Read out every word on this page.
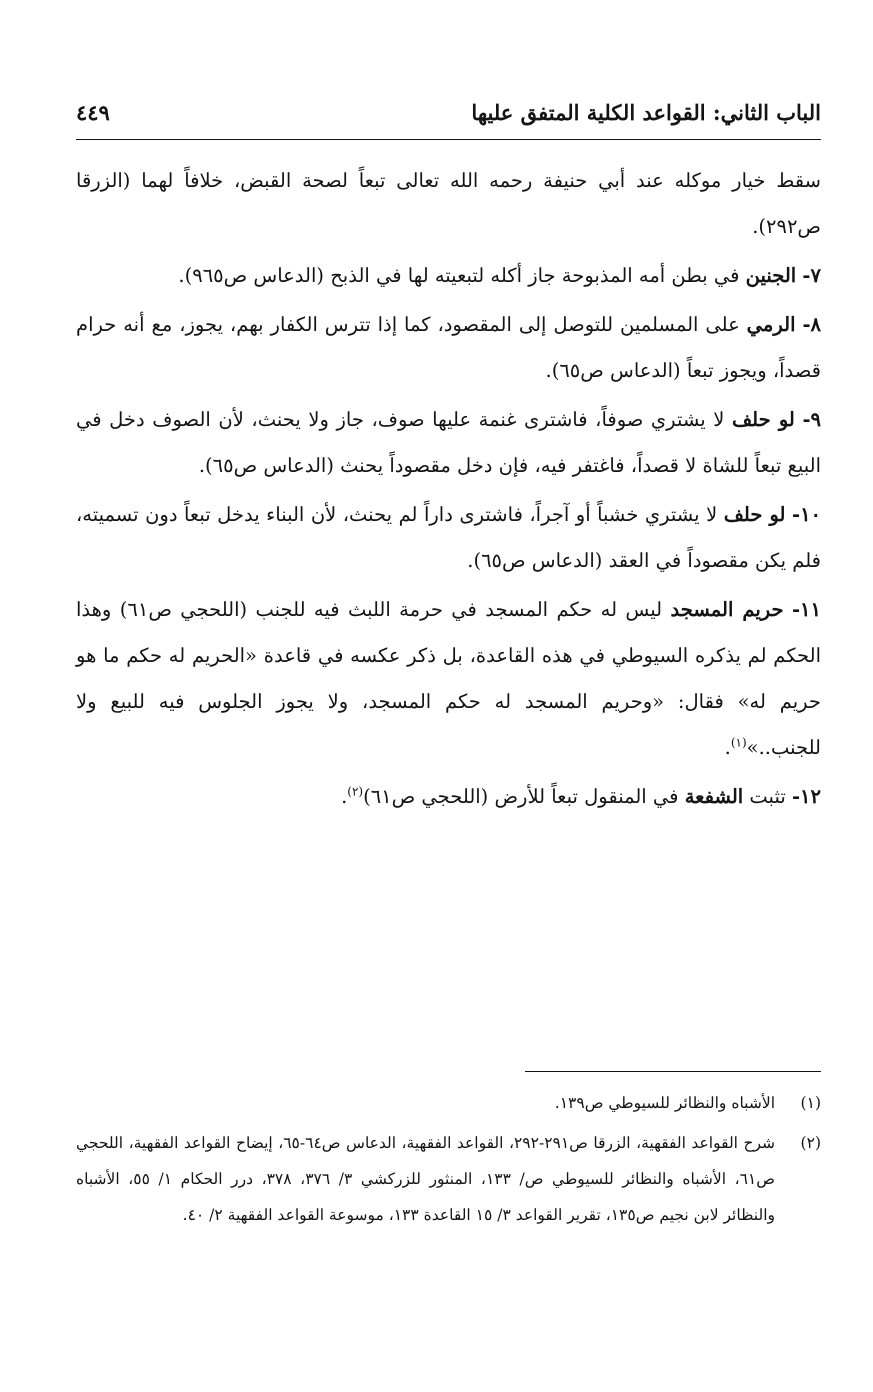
الباب الثاني: القواعد الكلية المتفق عليها
٤٤٩

سقط خيار موكله عند أبي حنيفة رحمه الله تعالى تبعاً لصحة القبض، خلافاً لهما (الزرقا ص٢٩٢).

٧- الجنين في بطن أمه المذبوحة جاز أكله لتبعيته لها في الذبح (الدعاس ص٩٦٥).

٨- الرمي على المسلمين للتوصل إلى المقصود، كما إذا تترس الكفار بهم، يجوز، مع أنه حرام قصداً، ويجوز تبعاً (الدعاس ص٦٥).

٩- لو حلف لا يشتري صوفاً، فاشترى غنمة عليها صوف، جاز ولا يحنث، لأن الصوف دخل في البيع تبعاً للشاة لا قصداً، فاغتفر فيه، فإن دخل مقصوداً يحنث (الدعاس ص٦٥).

١٠- لو حلف لا يشتري خشباً أو آجراً، فاشترى داراً لم يحنث، لأن البناء يدخل تبعاً دون تسميته، فلم يكن مقصوداً في العقد (الدعاس ص٦٥).

١١- حريم المسجد ليس له حكم المسجد في حرمة اللبث فيه للجنب (اللحجي ص٦١) وهذا الحكم لم يذكره السيوطي في هذه القاعدة، بل ذكر عكسه في قاعدة «الحريم له حكم ما هو حريم له» فقال: «وحريم المسجد له حكم المسجد، ولا يجوز الجلوس فيه للبيع ولا للجنب..»$^{(١)}$.

١٢- تثبت الشفعة في المنقول تبعاً للأرض (اللحجي ص٦١)$^{(٢)}$.

(١)
الأشباه والنظائر للسيوطي ص١٣٩.
(٢)
شرح القواعد الفقهية، الزرقا ص٢٩١-٢٩٢، القواعد الفقهية، الدعاس ص٦٤-٦٥، إيضاح القواعد الفقهية، اللحجي ص٦١، الأشباه والنظائر للسيوطي ص/ ١٣٣، المنثور للزركشي ٣/ ٣٧٦، ٣٧٨، درر الحكام ١/ ٥٥، الأشباه والنظائر لابن نجيم ص١٣٥، تقرير القواعد ٣/ ١٥ القاعدة ١٣٣، موسوعة القواعد الفقهية ٢/ ٤٠.
